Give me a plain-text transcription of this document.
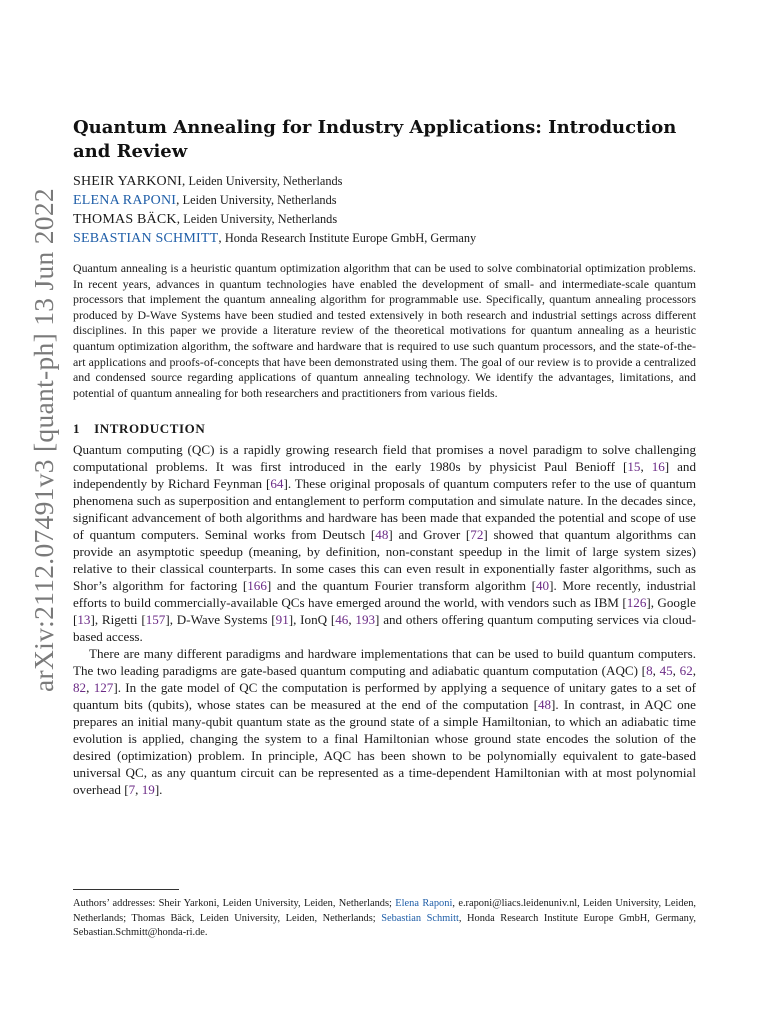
arXiv:2112.07491v3 [quant-ph] 13 Jun 2022
Quantum Annealing for Industry Applications: Introduction and Review

SHEIR YARKONI, Leiden University, Netherlands

ELENA RAPONI, Leiden University, Netherlands

THOMAS BÄCK, Leiden University, Netherlands

SEBASTIAN SCHMITT, Honda Research Institute Europe GmbH, Germany

Quantum annealing is a heuristic quantum optimization algorithm that can be used to solve combinatorial optimization problems. In recent years, advances in quantum technologies have enabled the development of small- and intermediate-scale quantum processors that implement the quantum annealing algorithm for programmable use. Specifically, quantum annealing processors produced by D-Wave Systems have been studied and tested extensively in both research and industrial settings across different disciplines. In this paper we provide a literature review of the theoretical motivations for quantum annealing as a heuristic quantum optimization algorithm, the software and hardware that is required to use such quantum processors, and the state-of-the-art applications and proofs-of-concepts that have been demonstrated using them. The goal of our review is to provide a centralized and condensed source regarding applications of quantum annealing technology. We identify the advantages, limitations, and potential of quantum annealing for both researchers and practitioners from various fields.

1 INTRODUCTION

Quantum computing (QC) is a rapidly growing research field that promises a novel paradigm to solve challenging computational problems. It was first introduced in the early 1980s by physicist Paul Benioff [15, 16] and independently by Richard Feynman [64]. These original proposals of quantum computers refer to the use of quantum phenomena such as superposition and entanglement to perform computation and simulate nature. In the decades since, significant advancement of both algorithms and hardware has been made that expanded the potential and scope of use of quantum computers. Seminal works from Deutsch [48] and Grover [72] showed that quantum algorithms can provide an asymptotic speedup (meaning, by definition, non-constant speedup in the limit of large system sizes) relative to their classical counterparts. In some cases this can even result in exponentially faster algorithms, such as Shor’s algorithm for factoring [166] and the quantum Fourier transform algorithm [40]. More recently, industrial efforts to build commercially-available QCs have emerged around the world, with vendors such as IBM [126], Google [13], Rigetti [157], D-Wave Systems [91], IonQ [46, 193] and others offering quantum computing services via cloud-based access.

There are many different paradigms and hardware implementations that can be used to build quantum computers. The two leading paradigms are gate-based quantum computing and adiabatic quantum computation (AQC) [8, 45, 62, 82, 127]. In the gate model of QC the computation is performed by applying a sequence of unitary gates to a set of quantum bits (qubits), whose states can be measured at the end of the computation [48]. In contrast, in AQC one prepares an initial many-qubit quantum state as the ground state of a simple Hamiltonian, to which an adiabatic time evolution is applied, changing the system to a final Hamiltonian whose ground state encodes the solution of the desired (optimization) problem. In principle, AQC has been shown to be polynomially equivalent to gate-based universal QC, as any quantum circuit can be represented as a time-dependent Hamiltonian with at most polynomial overhead [7, 19].

Authors’ addresses: Sheir Yarkoni, Leiden University, Leiden, Netherlands; Elena Raponi, e.raponi@liacs.leidenuniv.nl, Leiden University, Leiden, Netherlands; Thomas Bäck, Leiden University, Leiden, Netherlands; Sebastian Schmitt, Honda Research Institute Europe GmbH, Germany, Sebastian.Schmitt@honda-ri.de.
